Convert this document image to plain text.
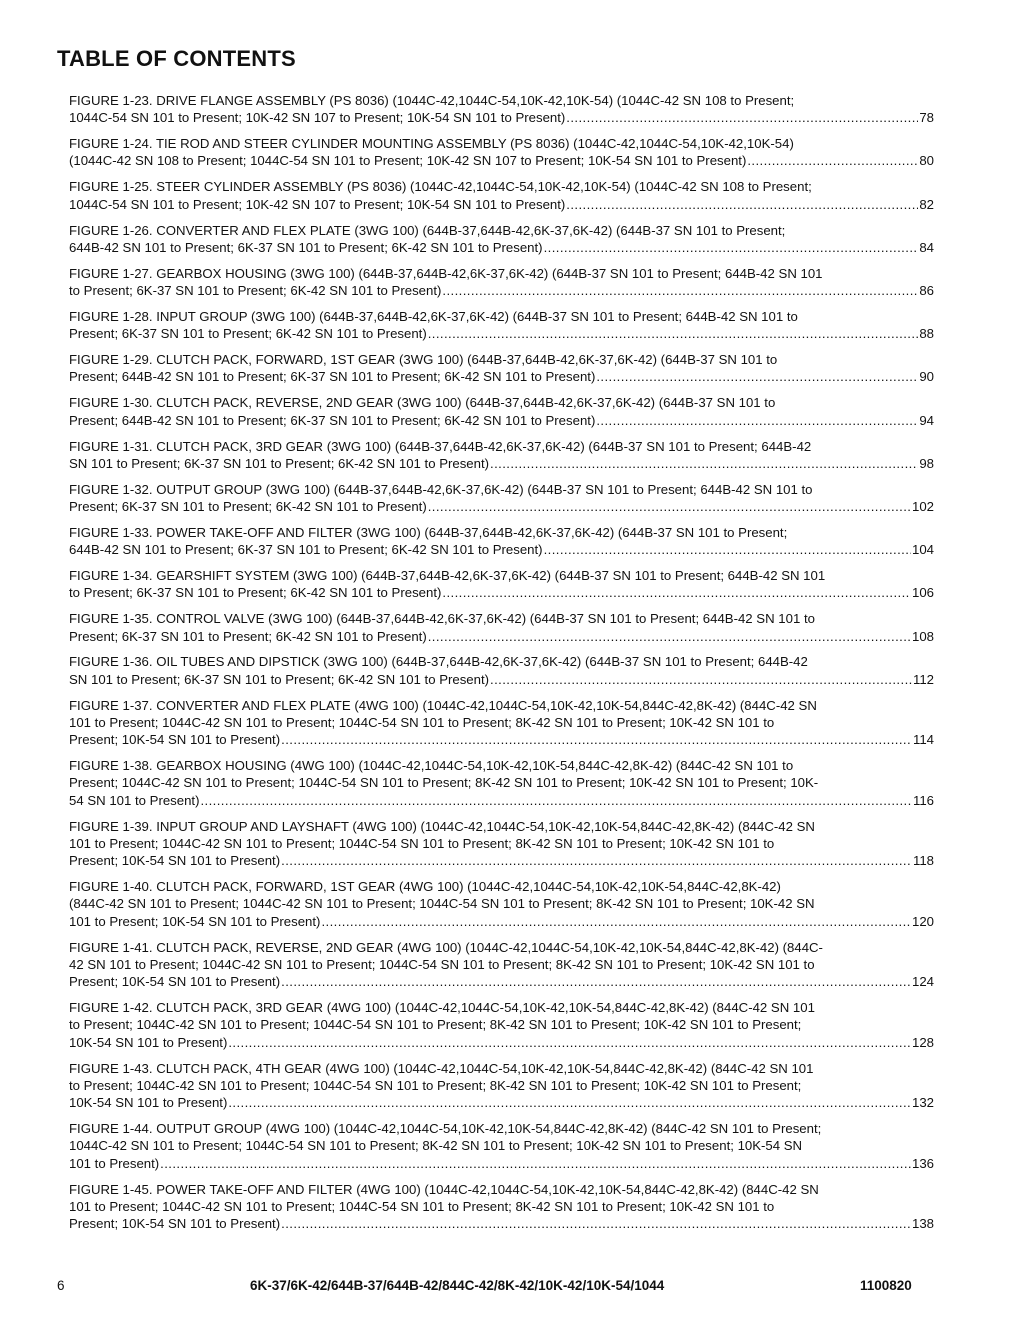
TABLE OF CONTENTS
FIGURE 1-23. DRIVE FLANGE ASSEMBLY (PS 8036) (1044C-42,1044C-54,10K-42,10K-54) (1044C-42 SN 108 to Present;
1044C-54 SN 101 to Present; 10K-42 SN 107 to Present; 10K-54 SN 101 to Present) .....	78
FIGURE 1-24. TIE ROD AND STEER CYLINDER MOUNTING ASSEMBLY (PS 8036) (1044C-42,1044C-54,10K-42,10K-54)
(1044C-42 SN 108 to Present; 1044C-54 SN 101 to Present; 10K-42 SN 107 to Present; 10K-54 SN 101 to Present) .....	80
FIGURE 1-25. STEER CYLINDER ASSEMBLY (PS 8036) (1044C-42,1044C-54,10K-42,10K-54) (1044C-42 SN 108 to Present;
1044C-54 SN 101 to Present; 10K-42 SN 107 to Present; 10K-54 SN 101 to Present) .....	82
FIGURE 1-26. CONVERTER AND FLEX PLATE (3WG 100) (644B-37,644B-42,6K-37,6K-42) (644B-37 SN 101 to Present;
644B-42 SN 101 to Present; 6K-37 SN 101 to Present; 6K-42 SN 101 to Present) .....	84
FIGURE 1-27. GEARBOX HOUSING (3WG 100) (644B-37,644B-42,6K-37,6K-42) (644B-37 SN 101 to Present; 644B-42 SN 101
to Present; 6K-37 SN 101 to Present; 6K-42 SN 101 to Present) .....	86
FIGURE 1-28. INPUT GROUP (3WG 100) (644B-37,644B-42,6K-37,6K-42) (644B-37 SN 101 to Present; 644B-42 SN 101 to
Present; 6K-37 SN 101 to Present; 6K-42 SN 101 to Present) .....	88
FIGURE 1-29. CLUTCH PACK, FORWARD, 1ST GEAR (3WG 100) (644B-37,644B-42,6K-37,6K-42) (644B-37 SN 101 to
Present; 644B-42 SN 101 to Present; 6K-37 SN 101 to Present; 6K-42 SN 101 to Present) .....	90
FIGURE 1-30. CLUTCH PACK, REVERSE, 2ND GEAR (3WG 100) (644B-37,644B-42,6K-37,6K-42) (644B-37 SN 101 to
Present; 644B-42 SN 101 to Present; 6K-37 SN 101 to Present; 6K-42 SN 101 to Present) .....	94
FIGURE 1-31. CLUTCH PACK, 3RD GEAR (3WG 100) (644B-37,644B-42,6K-37,6K-42) (644B-37 SN 101 to Present; 644B-42
SN 101 to Present; 6K-37 SN 101 to Present; 6K-42 SN 101 to Present) .....	98
FIGURE 1-32. OUTPUT GROUP (3WG 100) (644B-37,644B-42,6K-37,6K-42) (644B-37 SN 101 to Present; 644B-42 SN 101 to
Present; 6K-37 SN 101 to Present; 6K-42 SN 101 to Present) .....	102
FIGURE 1-33. POWER TAKE-OFF AND FILTER (3WG 100) (644B-37,644B-42,6K-37,6K-42) (644B-37 SN 101 to Present;
644B-42 SN 101 to Present; 6K-37 SN 101 to Present; 6K-42 SN 101 to Present) .....	104
FIGURE 1-34. GEARSHIFT SYSTEM (3WG 100) (644B-37,644B-42,6K-37,6K-42) (644B-37 SN 101 to Present; 644B-42 SN 101
to Present; 6K-37 SN 101 to Present; 6K-42 SN 101 to Present) .....	106
FIGURE 1-35. CONTROL VALVE (3WG 100) (644B-37,644B-42,6K-37,6K-42) (644B-37 SN 101 to Present; 644B-42 SN 101 to
Present; 6K-37 SN 101 to Present; 6K-42 SN 101 to Present) .....	108
FIGURE 1-36. OIL TUBES AND DIPSTICK (3WG 100) (644B-37,644B-42,6K-37,6K-42) (644B-37 SN 101 to Present; 644B-42
SN 101 to Present; 6K-37 SN 101 to Present; 6K-42 SN 101 to Present) .....	112
FIGURE 1-37. CONVERTER AND FLEX PLATE (4WG 100) (1044C-42,1044C-54,10K-42,10K-54,844C-42,8K-42) (844C-42 SN
101 to Present; 1044C-42 SN 101 to Present; 1044C-54 SN 101 to Present; 8K-42 SN 101 to Present; 10K-42 SN 101 to
Present; 10K-54 SN 101 to Present) .....	114
FIGURE 1-38. GEARBOX HOUSING (4WG 100) (1044C-42,1044C-54,10K-42,10K-54,844C-42,8K-42) (844C-42 SN 101 to
Present; 1044C-42 SN 101 to Present; 1044C-54 SN 101 to Present; 8K-42 SN 101 to Present; 10K-42 SN 101 to Present; 10K-
54 SN 101 to Present) .....	116
FIGURE 1-39. INPUT GROUP AND LAYSHAFT (4WG 100) (1044C-42,1044C-54,10K-42,10K-54,844C-42,8K-42) (844C-42 SN
101 to Present; 1044C-42 SN 101 to Present; 1044C-54 SN 101 to Present; 8K-42 SN 101 to Present; 10K-42 SN 101 to
Present; 10K-54 SN 101 to Present) .....	118
FIGURE 1-40. CLUTCH PACK, FORWARD, 1ST GEAR (4WG 100) (1044C-42,1044C-54,10K-42,10K-54,844C-42,8K-42)
(844C-42 SN 101 to Present; 1044C-42 SN 101 to Present; 1044C-54 SN 101 to Present; 8K-42 SN 101 to Present; 10K-42 SN
101 to Present; 10K-54 SN 101 to Present) .....	120
FIGURE 1-41. CLUTCH PACK, REVERSE, 2ND GEAR (4WG 100) (1044C-42,1044C-54,10K-42,10K-54,844C-42,8K-42) (844C-
42 SN 101 to Present; 1044C-42 SN 101 to Present; 1044C-54 SN 101 to Present; 8K-42 SN 101 to Present; 10K-42 SN 101 to
Present; 10K-54 SN 101 to Present) .....	124
FIGURE 1-42. CLUTCH PACK, 3RD GEAR (4WG 100) (1044C-42,1044C-54,10K-42,10K-54,844C-42,8K-42) (844C-42 SN 101
to Present; 1044C-42 SN 101 to Present; 1044C-54 SN 101 to Present; 8K-42 SN 101 to Present; 10K-42 SN 101 to Present;
10K-54 SN 101 to Present) .....	128
FIGURE 1-43. CLUTCH PACK, 4TH GEAR (4WG 100) (1044C-42,1044C-54,10K-42,10K-54,844C-42,8K-42) (844C-42 SN 101
to Present; 1044C-42 SN 101 to Present; 1044C-54 SN 101 to Present; 8K-42 SN 101 to Present; 10K-42 SN 101 to Present;
10K-54 SN 101 to Present) .....	132
FIGURE 1-44. OUTPUT GROUP (4WG 100) (1044C-42,1044C-54,10K-42,10K-54,844C-42,8K-42) (844C-42 SN 101 to Present;
1044C-42 SN 101 to Present; 1044C-54 SN 101 to Present; 8K-42 SN 101 to Present; 10K-42 SN 101 to Present; 10K-54 SN
101 to Present) .....	136
FIGURE 1-45. POWER TAKE-OFF AND FILTER (4WG 100) (1044C-42,1044C-54,10K-42,10K-54,844C-42,8K-42) (844C-42 SN
101 to Present; 1044C-42 SN 101 to Present; 1044C-54 SN 101 to Present; 8K-42 SN 101 to Present; 10K-42 SN 101 to
Present; 10K-54 SN 101 to Present) .....	138
6	6K-37/6K-42/644B-37/644B-42/844C-42/8K-42/10K-42/10K-54/1044	1100820
